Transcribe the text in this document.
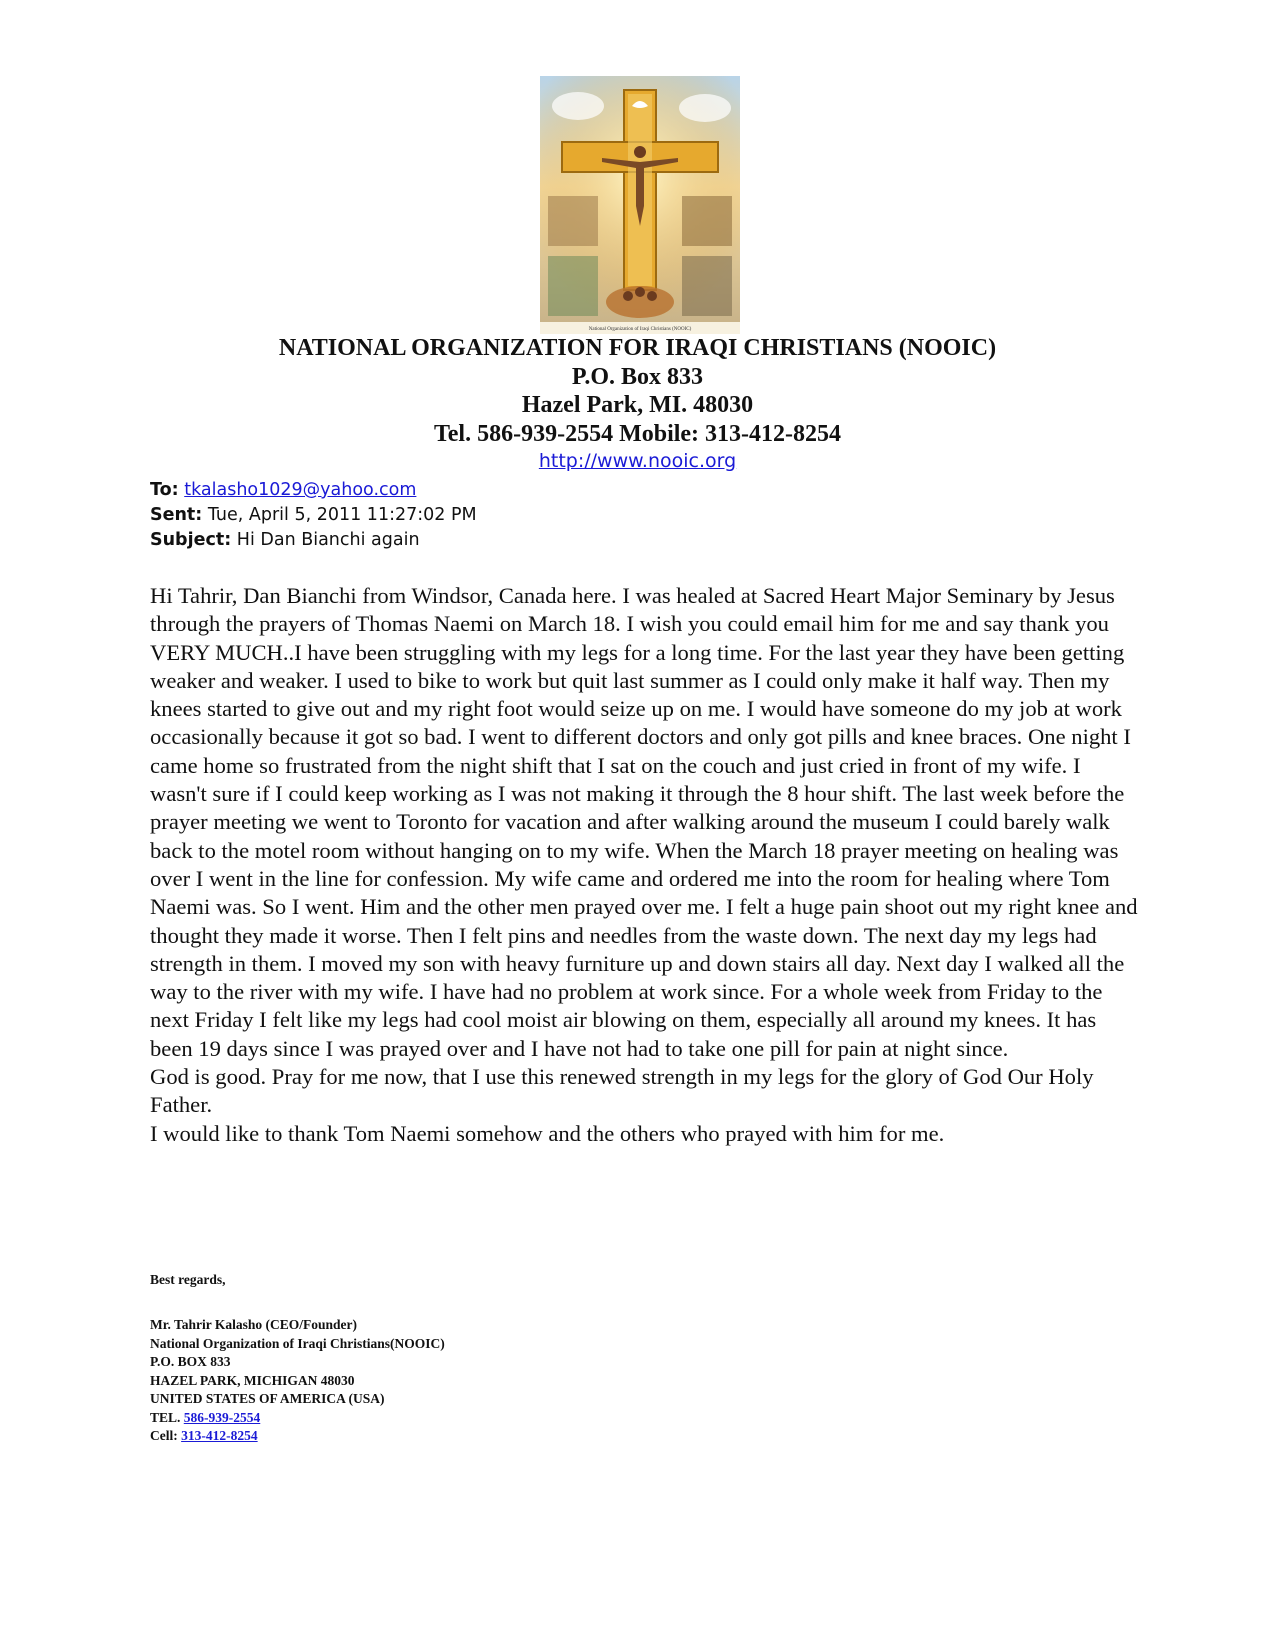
National Organization of Iraqi Christians (NOOIC)
NATIONAL ORGANIZATION FOR IRAQI CHRISTIANS (NOOIC)
P.O. Box 833
Hazel Park, MI. 48030
Tel. 586-939-2554 Mobile: 313-412-8254
http://www.nooic.org
To: tkalasho1029@yahoo.com
Sent: Tue, April 5, 2011 11:27:02 PM
Subject: Hi Dan Bianchi again

Hi Tahrir, Dan Bianchi from Windsor, Canada here. I was healed at Sacred Heart Major Seminary by Jesus through the prayers of Thomas Naemi on March 18. I wish you could email him for me and say thank you VERY MUCH..I have been struggling with my legs for a long time. For the last year they have been getting weaker and weaker. I used to bike to work but quit last summer as I could only make it half way. Then my knees started to give out and my right foot would seize up on me. I would have someone do my job at work occasionally because it got so bad. I went to different doctors and only got pills and knee braces. One night I came home so frustrated from the night shift that I sat on the couch and just cried in front of my wife. I wasn't sure if I could keep working as I was not making it through the 8 hour shift. The last week before the prayer meeting we went to Toronto for vacation and after walking around the museum I could barely walk back to the motel room without hanging on to my wife. When the March 18 prayer meeting on healing was over I went in the line for confession. My wife came and ordered me into the room for healing where Tom Naemi was. So I went. Him and the other men prayed over me. I felt a huge pain shoot out my right knee and thought they made it worse. Then I felt pins and needles from the waste down. The next day my legs had strength in them. I moved my son with heavy furniture up and down stairs all day. Next day I walked all the way to the river with my wife. I have had no problem at work since. For a whole week from Friday to the next Friday I felt like my legs had cool moist air blowing on them, especially all around my knees. It has been 19 days since I was prayed over and I have not had to take one pill for pain at night since.

God is good. Pray for me now, that I use this renewed strength in my legs for the glory of God Our Holy Father.

I would like to thank Tom Naemi somehow and the others who prayed with him for me.

Best regards,
Mr. Tahrir Kalasho (CEO/Founder)
National Organization of Iraqi Christians(NOOIC)
P.O. BOX 833
HAZEL PARK, MICHIGAN 48030
UNITED STATES OF AMERICA (USA)
TEL. 586-939-2554
Cell: 313-412-8254
